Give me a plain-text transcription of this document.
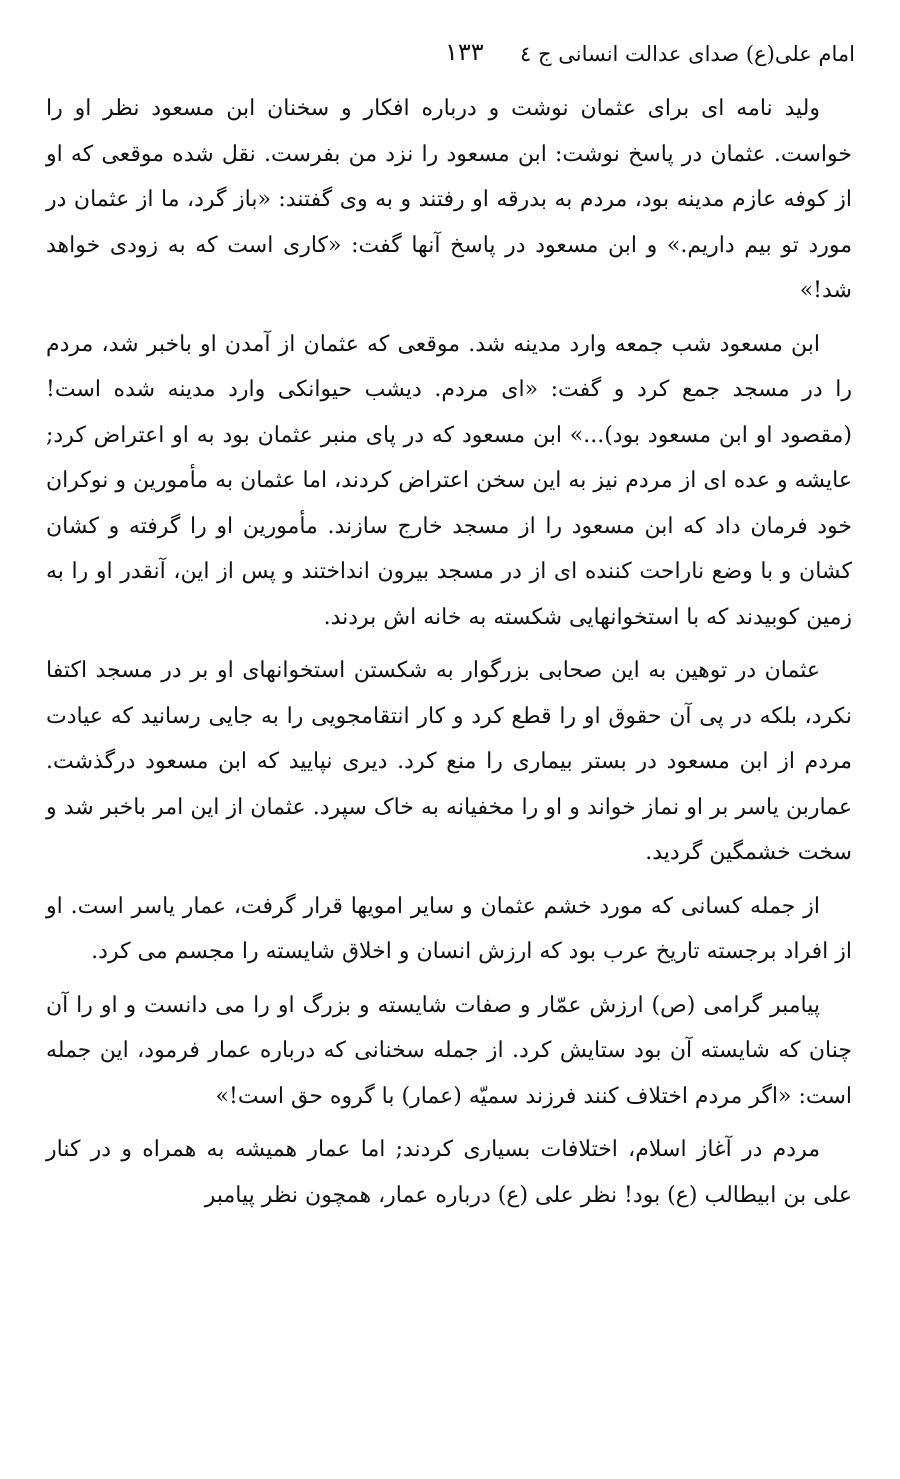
امام علی(ع) صدای عدالت انسانی ج ٤
۱۳۳

ولید نامه ای برای عثمان نوشت و درباره افکار و سخنان ابن مسعود نظر او را خواست. عثمان در پاسخ نوشت: ابن مسعود را نزد من بفرست. نقل شده موقعی که او از کوفه عازم مدینه بود، مردم به بدرقه او رفتند و به وی گفتند: «باز گرد، ما از عثمان در مورد تو بیم داریم.» و ابن مسعود در پاسخ آنها گفت: «کاری است که به زودی خواهد شد!»

ابن مسعود شب جمعه وارد مدینه شد. موقعی که عثمان از آمدن او باخبر شد، مردم را در مسجد جمع کرد و گفت: «ای مردم. دیشب حیوانکی وارد مدینه شده است! (مقصود او ابن مسعود بود)...» ابن مسعود که در پای منبر عثمان بود به او اعتراض کرد; عایشه و عده ای از مردم نیز به این سخن اعتراض کردند، اما عثمان به مأمورین و نوکران خود فرمان داد که ابن مسعود را از مسجد خارج سازند. مأمورین او را گرفته و کشان کشان و با وضع ناراحت کننده ای از در مسجد بیرون انداختند و پس از این، آنقدر او را به زمین کوبیدند که با استخوانهایی شکسته به خانه اش بردند.

عثمان در توهین به این صحابی بزرگوار به شکستن استخوانهای او بر در مسجد اکتفا نکرد، بلکه در پی آن حقوق او را قطع کرد و کار انتقامجویی را به جایی رسانید که عیادت مردم از ابن مسعود در بستر بیماری را منع کرد. دیری نپایید که ابن مسعود درگذشت. عماربن یاسر بر او نماز خواند و او را مخفیانه به خاک سپرد. عثمان از این امر باخبر شد و سخت خشمگین گردید.

از جمله کسانی که مورد خشم عثمان و سایر امویها قرار گرفت، عمار یاسر است. او از افراد برجسته تاریخ عرب بود که ارزش انسان و اخلاق شایسته را مجسم می کرد.

پیامبر گرامی (ص) ارزش عمّار و صفات شایسته و بزرگ او را می دانست و او را آن چنان که شایسته آن بود ستایش کرد. از جمله سخنانی که درباره عمار فرمود، این جمله است: «اگر مردم اختلاف کنند فرزند سمیّه (عمار) با گروه حق است!»

مردم در آغاز اسلام، اختلافات بسیاری کردند; اما عمار همیشه به همراه و در کنار علی بن ابیطالب (ع) بود! نظر علی (ع) درباره عمار، همچون نظر پیامبر
